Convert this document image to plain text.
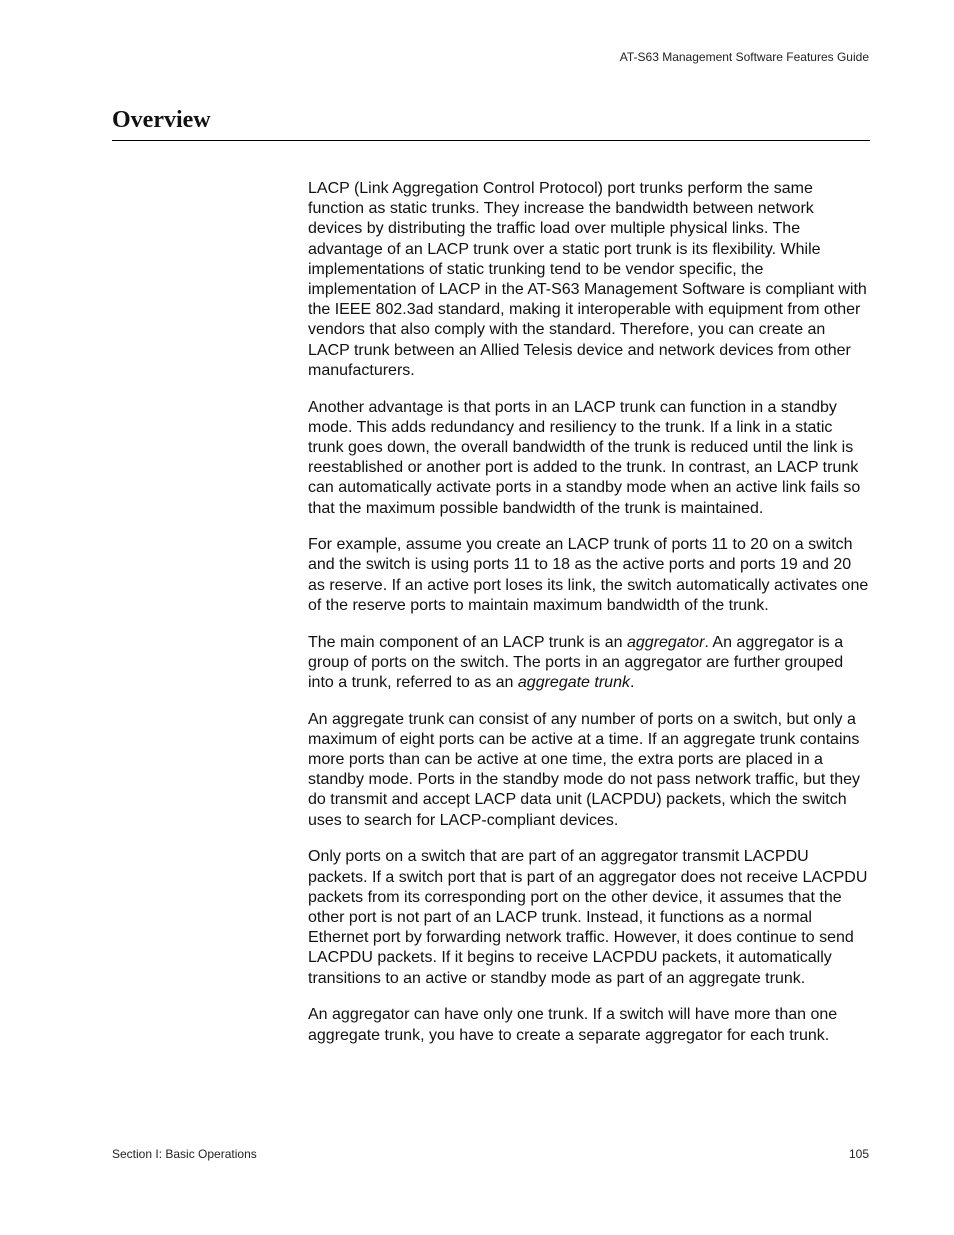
AT-S63 Management Software Features Guide
Overview

LACP (Link Aggregation Control Protocol) port trunks perform the same function as static trunks. They increase the bandwidth between network devices by distributing the traffic load over multiple physical links. The advantage of an LACP trunk over a static port trunk is its flexibility. While implementations of static trunking tend to be vendor specific, the implementation of LACP in the AT-S63 Management Software is compliant with the IEEE 802.3ad standard, making it interoperable with equipment from other vendors that also comply with the standard. Therefore, you can create an LACP trunk between an Allied Telesis device and network devices from other manufacturers.

Another advantage is that ports in an LACP trunk can function in a standby mode. This adds redundancy and resiliency to the trunk. If a link in a static trunk goes down, the overall bandwidth of the trunk is reduced until the link is reestablished or another port is added to the trunk. In contrast, an LACP trunk can automatically activate ports in a standby mode when an active link fails so that the maximum possible bandwidth of the trunk is maintained.

For example, assume you create an LACP trunk of ports 11 to 20 on a switch and the switch is using ports 11 to 18 as the active ports and ports 19 and 20 as reserve. If an active port loses its link, the switch automatically activates one of the reserve ports to maintain maximum bandwidth of the trunk.

The main component of an LACP trunk is an aggregator. An aggregator is a group of ports on the switch. The ports in an aggregator are further grouped into a trunk, referred to as an aggregate trunk.

An aggregate trunk can consist of any number of ports on a switch, but only a maximum of eight ports can be active at a time. If an aggregate trunk contains more ports than can be active at one time, the extra ports are placed in a standby mode. Ports in the standby mode do not pass network traffic, but they do transmit and accept LACP data unit (LACPDU) packets, which the switch uses to search for LACP-compliant devices.

Only ports on a switch that are part of an aggregator transmit LACPDU packets. If a switch port that is part of an aggregator does not receive LACPDU packets from its corresponding port on the other device, it assumes that the other port is not part of an LACP trunk. Instead, it functions as a normal Ethernet port by forwarding network traffic. However, it does continue to send LACPDU packets. If it begins to receive LACPDU packets, it automatically transitions to an active or standby mode as part of an aggregate trunk.

An aggregator can have only one trunk. If a switch will have more than one aggregate trunk, you have to create a separate aggregator for each trunk.

Section I: Basic Operations	105
